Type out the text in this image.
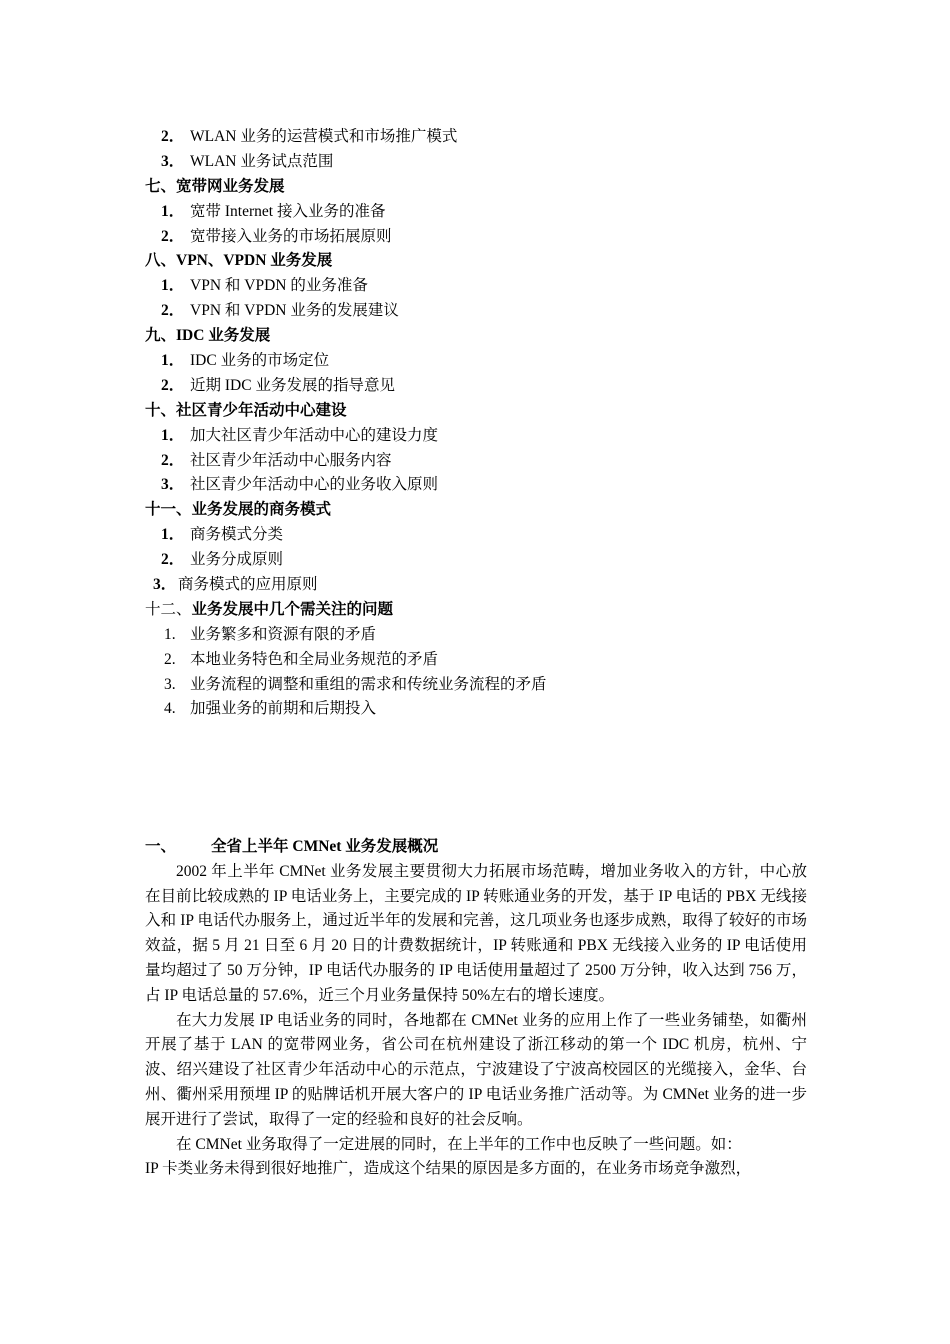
2． WLAN 业务的运营模式和市场推广模式
3． WLAN 业务试点范围
七、宽带网业务发展
1． 宽带 Internet 接入业务的准备
2． 宽带接入业务的市场拓展原则
八、VPN、VPDN 业务发展
1． VPN 和 VPDN 的业务准备
2． VPN 和 VPDN 业务的发展建议
九、IDC 业务发展
1． IDC 业务的市场定位
2． 近期 IDC 业务发展的指导意见
十、社区青少年活动中心建设
1． 加大社区青少年活动中心的建设力度
2． 社区青少年活动中心服务内容
3． 社区青少年活动中心的业务收入原则
十一、业务发展的商务模式
1． 商务模式分类
2． 业务分成原则
3． 商务模式的应用原则
十二、业务发展中几个需关注的问题
1. 业务繁多和资源有限的矛盾
2. 本地业务特色和全局业务规范的矛盾
3. 业务流程的调整和重组的需求和传统业务流程的矛盾
4. 加强业务的前期和后期投入
一、 全省上半年 CMNet 业务发展概况

2002 年上半年 CMNet 业务发展主要贯彻大力拓展市场范畴，增加业务收入的方针，中心放在目前比较成熟的 IP 电话业务上，主要完成的 IP 转账通业务的开发，基于 IP 电话的 PBX 无线接入和 IP 电话代办服务上，通过近半年的发展和完善，这几项业务也逐步成熟，取得了较好的市场效益，据 5 月 21 日至 6 月 20 日的计费数据统计，IP 转账通和 PBX 无线接入业务的 IP 电话使用量均超过了 50 万分钟，IP 电话代办服务的 IP 电话使用量超过了 2500 万分钟，收入达到 756 万，占 IP 电话总量的 57.6%，近三个月业务量保持 50%左右的增长速度。

在大力发展 IP 电话业务的同时，各地都在 CMNet 业务的应用上作了一些业务铺垫，如衢州开展了基于 LAN 的宽带网业务，省公司在杭州建设了浙江移动的第一个 IDC 机房，杭州、宁波、绍兴建设了社区青少年活动中心的示范点，宁波建设了宁波高校园区的光缆接入，金华、台州、衢州采用预埋 IP 的贴牌话机开展大客户的 IP 电话业务推广活动等。为 CMNet 业务的进一步展开进行了尝试，取得了一定的经验和良好的社会反响。

在 CMNet 业务取得了一定进展的同时，在上半年的工作中也反映了一些问题。如：

IP 卡类业务未得到很好地推广，造成这个结果的原因是多方面的，在业务市场竞争激烈，
